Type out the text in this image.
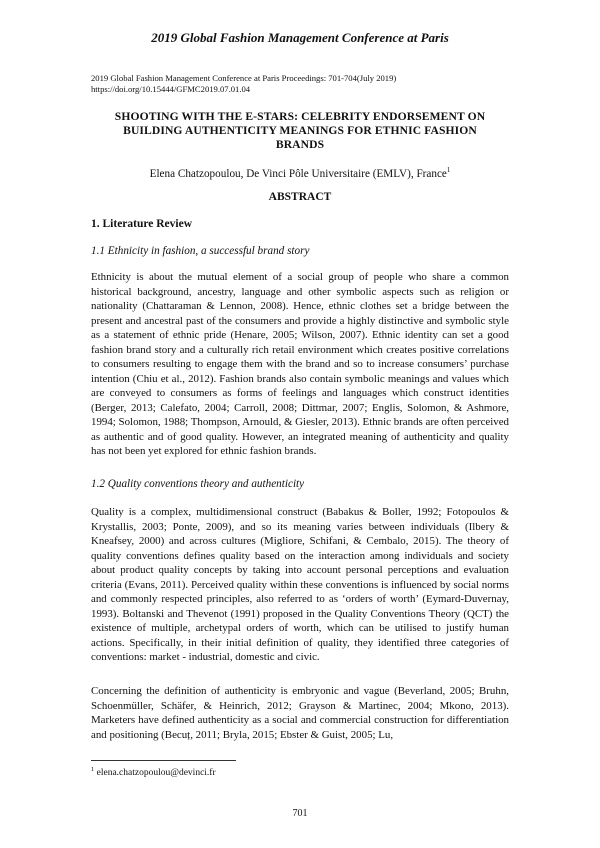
2019 Global Fashion Management Conference at Paris
2019 Global Fashion Management Conference at Paris Proceedings: 701-704(July 2019)
https://doi.org/10.15444/GFMC2019.07.01.04
SHOOTING WITH THE E-STARS: CELEBRITY ENDORSEMENT ON BUILDING AUTHENTICITY MEANINGS FOR ETHNIC FASHION BRANDS
Elena Chatzopoulou, De Vinci Pôle Universitaire (EMLV), France$^1$
ABSTRACT
1. Literature Review
1.1 Ethnicity in fashion, a successful brand story
Ethnicity is about the mutual element of a social group of people who share a common historical background, ancestry, language and other symbolic aspects such as religion or nationality (Chattaraman & Lennon, 2008). Hence, ethnic clothes set a bridge between the present and ancestral past of the consumers and provide a highly distinctive and symbolic style as a statement of ethnic pride (Henare, 2005; Wilson, 2007). Ethnic identity can set a good fashion brand story and a culturally rich retail environment which creates positive correlations to consumers resulting to engage them with the brand and so to increase consumers’ purchase intention (Chiu et al., 2012). Fashion brands also contain symbolic meanings and values which are conveyed to consumers as forms of feelings and languages which construct identities (Berger, 2013; Calefato, 2004; Carroll, 2008; Dittmar, 2007; Englis, Solomon, & Ashmore, 1994; Solomon, 1988; Thompson, Arnould, & Giesler, 2013). Ethnic brands are often perceived as authentic and of good quality. However, an integrated meaning of authenticity and quality has not been yet explored for ethnic fashion brands.
1.2 Quality conventions theory and authenticity
Quality is a complex, multidimensional construct (Babakus & Boller, 1992; Fotopoulos & Krystallis, 2003; Ponte, 2009), and so its meaning varies between individuals (Ilbery & Kneafsey, 2000) and across cultures (Migliore, Schifani, & Cembalo, 2015). The theory of quality conventions defines quality based on the interaction among individuals and society about product quality concepts by taking into account personal perceptions and evaluation criteria (Evans, 2011). Perceived quality within these conventions is influenced by social norms and commonly respected principles, also referred to as ‘orders of worth’ (Eymard-Duvernay, 1993). Boltanski and Thevenot (1991) proposed in the Quality Conventions Theory (QCT) the existence of multiple, archetypal orders of worth, which can be utilised to justify human actions. Specifically, in their initial definition of quality, they identified three categories of conventions: market - industrial, domestic and civic.
Concerning the definition of authenticity is embryonic and vague (Beverland, 2005; Bruhn, Schoenmüller, Schäfer, & Heinrich, 2012; Grayson & Martinec, 2004; Mkono, 2013). Marketers have defined authenticity as a social and commercial construction for differentiation and positioning (Becuț, 2011; Bryla, 2015; Ebster & Guist, 2005; Lu,
$^1$ elena.chatzopoulou@devinci.fr
701
